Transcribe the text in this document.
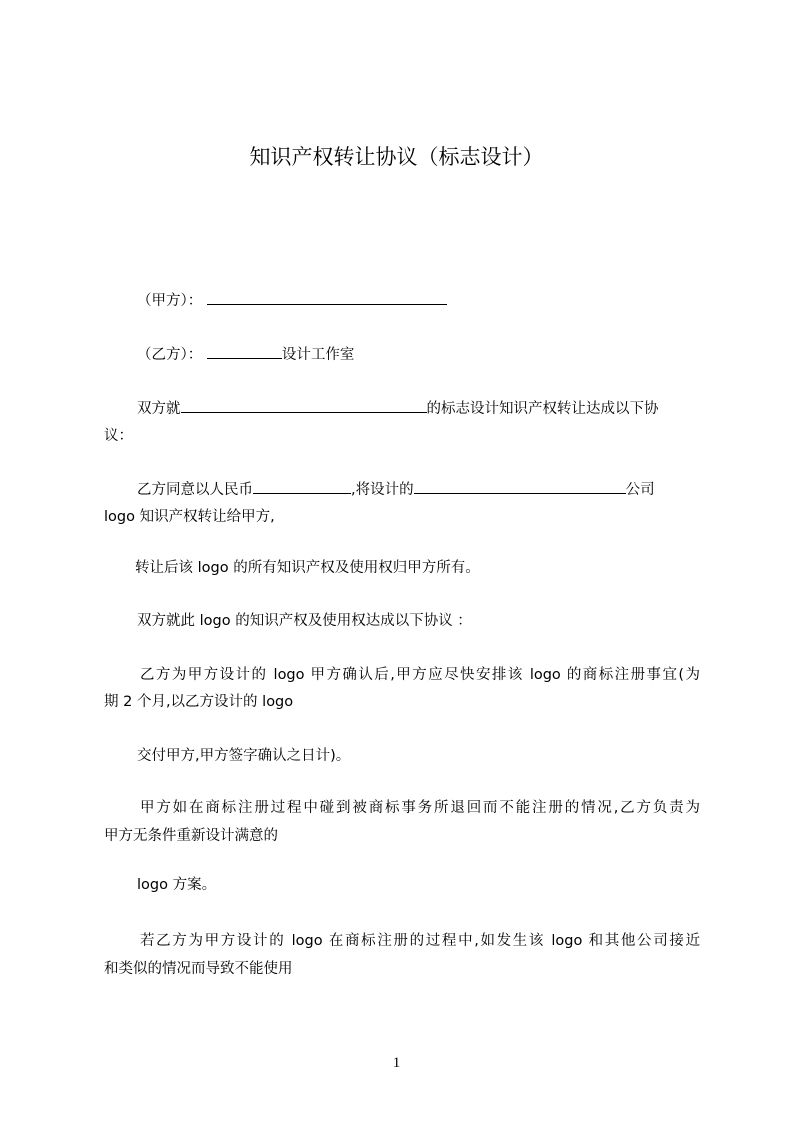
知识产权转让协议（标志设计）
（甲方）：
（乙方）：	设计工作室
双方就	的标志设计知识产权转让达成以下协
议：
乙方同意以人民币	,将设计的	公司
logo 知识产权转让给甲方,
转让后该 logo 的所有知识产权及使用权归甲方所有。
双方就此 logo 的知识产权及使用权达成以下协议 ：
乙方为甲方设计的 logo 甲方确认后,甲方应尽快安排该 logo 的商标注册事宜(为
期 2 个月,以乙方设计的 logo
交付甲方,甲方签字确认之日计)。
甲方如在商标注册过程中碰到被商标事务所退回而不能注册的情况,乙方负责为
甲方无条件重新设计满意的
logo 方案。
若乙方为甲方设计的 logo 在商标注册的过程中,如发生该 logo 和其他公司接近
和类似的情况而导致不能使用
1
